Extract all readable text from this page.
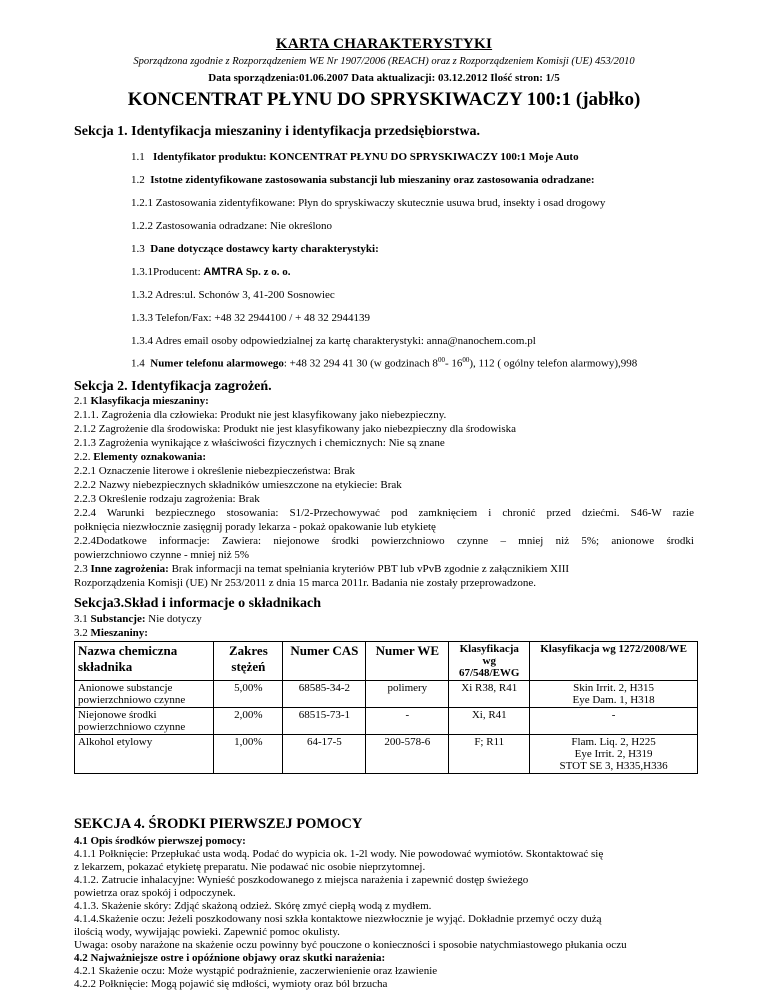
KARTA CHARAKTERYSTYKI
Sporządzona zgodnie z Rozporządzeniem WE Nr 1907/2006 (REACH) oraz z Rozporządzeniem Komisji (UE) 453/2010
Data sporządzenia:01.06.2007 Data aktualizacji: 03.12.2012 Ilość stron: 1/5
KONCENTRAT PŁYNU DO SPRYSKIWACZY 100:1 (jabłko)
Sekcja 1. Identyfikacja mieszaniny i identyfikacja przedsiębiorstwa.
1.1 Identyfikator produktu: KONCENTRAT PŁYNU DO SPRYSKIWACZY 100:1 Moje Auto
1.2 Istotne zidentyfikowane zastosowania substancji lub mieszaniny oraz zastosowania odradzane:
1.2.1 Zastosowania zidentyfikowane: Płyn do spryskiwaczy skutecznie usuwa brud, insekty i osad drogowy
1.2.2 Zastosowania odradzane: Nie określono
1.3 Dane dotyczące dostawcy karty charakterystyki:
1.3.1Producent: AMTRA Sp. z o. o.
1.3.2 Adres:ul. Schonów 3, 41-200 Sosnowiec
1.3.3 Telefon/Fax: +48 32 2944100 / + 48 32 2944139
1.3.4 Adres email osoby odpowiedzialnej za kartę charakterystyki: anna@nanochem.com.pl
1.4 Numer telefonu alarmowego: +48 32 294 41 30 (w godzinach $8^{00}-$ $16^{00}$), 112 ( ogólny telefon alarmowy),998
Sekcja 2. Identyfikacja zagrożeń.
2.1 Klasyfikacja mieszaniny:
2.1.1. Zagrożenia dla człowieka: Produkt nie jest klasyfikowany jako niebezpieczny.
2.1.2 Zagrożenie dla środowiska: Produkt nie jest klasyfikowany jako niebezpieczny dla środowiska
2.1.3 Zagrożenia wynikające z właściwości fizycznych i chemicznych: Nie są znane
2.2. Elementy oznakowania:
2.2.1 Oznaczenie literowe i określenie niebezpieczeństwa: Brak
2.2.2 Nazwy niebezpiecznych składników umieszczone na etykiecie: Brak
2.2.3 Określenie rodzaju zagrożenia: Brak
2.2.4 Warunki bezpiecznego stosowania: S1/2-Przechowywać pod zamknięciem i chronić przed dziećmi. S46-W razie
połknięcia niezwłocznie zasięgnij porady lekarza - pokaż opakowanie lub etykietę
2.2.4Dodatkowe informacje: Zawiera: niejonowe środki powierzchniowo czynne – mniej niż 5%; anionowe środki
powierzchniowo czynne - mniej niż 5%
2.3 Inne zagrożenia: Brak informacji na temat spełniania kryteriów PBT lub vPvB zgodnie z załącznikiem XIII
Rozporządzenia Komisji (UE) Nr 253/2011 z dnia 15 marca 2011r. Badania nie zostały przeprowadzone.
Sekcja3.Skład i informacje o składnikach
3.1 Substancje: Nie dotyczy
3.2 Mieszaniny:
Nazwa chemiczna składnika	Zakres stężeń	Numer CAS	Numer WE	Klasyfikacja wg 67/548/EWG	Klasyfikacja wg 1272/2008/WE
Anionowe substancje powierzchniowo czynne	5,00%	68585-34-2	polimery	Xi R38, R41	Skin Irrit. 2, H315
Eye Dam. 1, H318
Niejonowe środki powierzchniowo czynne	2,00%	68515-73-1	-	Xi, R41	-
Alkohol etylowy	1,00%	64-17-5	200-578-6	F; R11	Flam. Liq. 2, H225
Eye Irrit. 2, H319
STOT SE 3, H335,H336
SEKCJA 4. ŚRODKI PIERWSZEJ POMOCY
4.1 Opis środków pierwszej pomocy:
4.1.1 Połknięcie: Przepłukać usta wodą. Podać do wypicia ok. 1-2l wody. Nie powodować wymiotów. Skontaktować się
z lekarzem, pokazać etykietę preparatu. Nie podawać nic osobie nieprzytomnej.
4.1.2. Zatrucie inhalacyjne: Wynieść poszkodowanego z miejsca narażenia i zapewnić dostęp świeżego
powietrza oraz spokój i odpoczynek.
4.1.3. Skażenie skóry: Zdjąć skażoną odzież. Skórę zmyć ciepłą wodą z mydłem.
4.1.4.Skażenie oczu: Jeżeli poszkodowany nosi szkła kontaktowe niezwłocznie je wyjąć. Dokładnie przemyć oczy dużą
ilością wody, wywijając powieki. Zapewnić pomoc okulisty.
Uwaga: osoby narażone na skażenie oczu powinny być pouczone o konieczności i sposobie natychmiastowego płukania oczu
4.2 Najważniejsze ostre i opóźnione objawy oraz skutki narażenia:
4.2.1 Skażenie oczu: Może wystąpić podrażnienie, zaczerwienienie oraz łzawienie
4.2.2 Połknięcie: Mogą pojawić się mdłości, wymioty oraz ból brzucha
